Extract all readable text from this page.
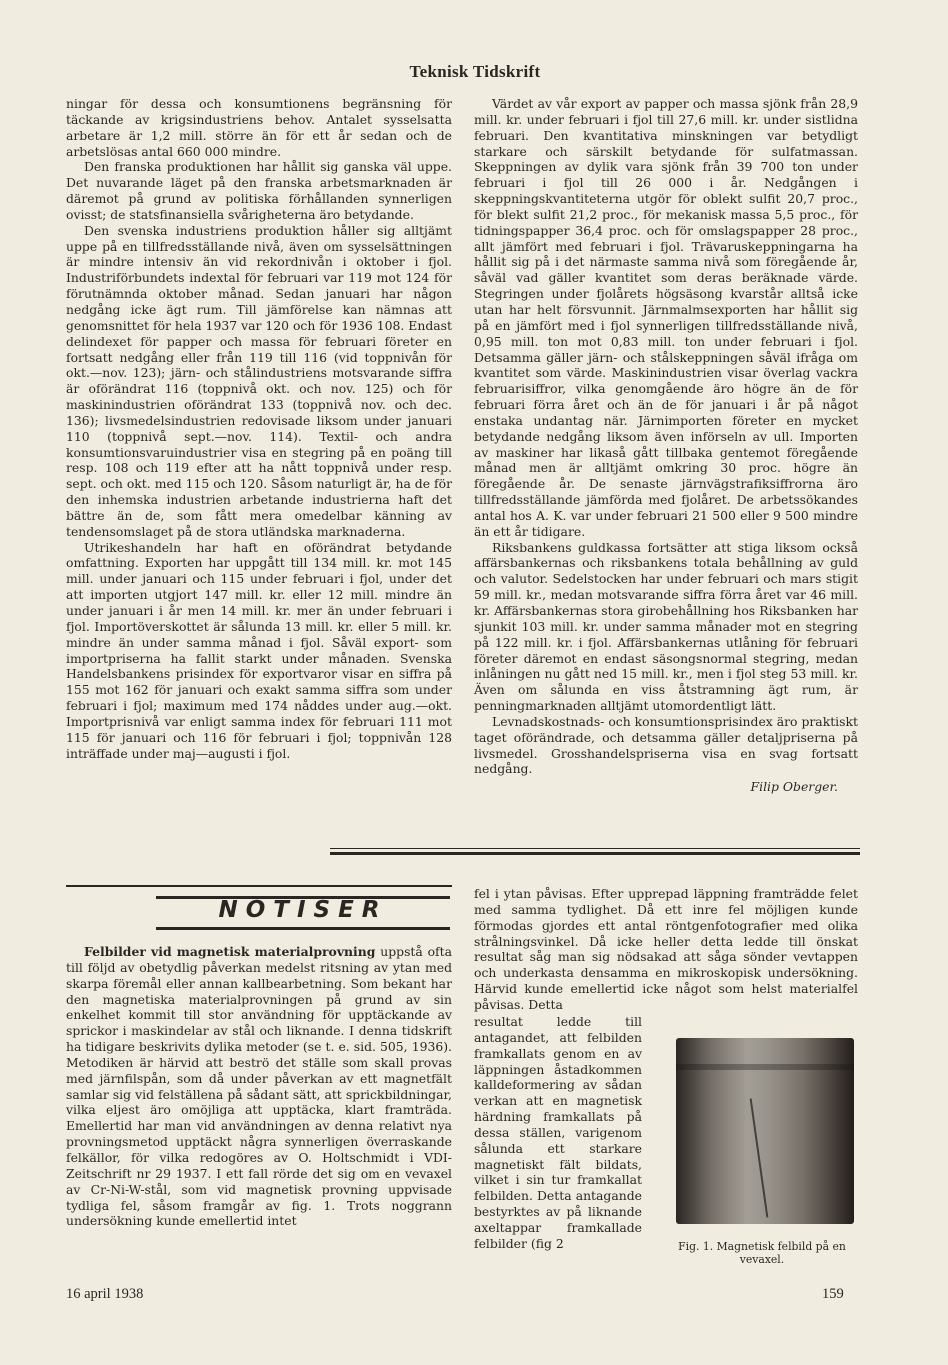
Teknisk Tidskrift

ningar för dessa och konsumtionens begränsning för täckande av krigsindustriens behov. Antalet sysselsatta arbetare är 1,2 mill. större än för ett år sedan och de arbetslösas antal 660 000 mindre.

Den franska produktionen har hållit sig ganska väl uppe. Det nuvarande läget på den franska arbetsmarknaden är däremot på grund av politiska förhållanden synnerligen ovisst; de statsfinansiella svårigheterna äro betydande.

Den svenska industriens produktion håller sig alltjämt uppe på en tillfredsställande nivå, även om sysselsättningen är mindre intensiv än vid rekordnivån i oktober i fjol. Industriförbundets indextal för februari var 119 mot 124 för förutnämnda oktober månad. Sedan januari har någon nedgång icke ägt rum. Till jämförelse kan nämnas att genomsnittet för hela 1937 var 120 och för 1936 108. Endast delindexet för papper och massa för februari företer en fortsatt nedgång eller från 119 till 116 (vid toppnivån för okt.—nov. 123); järn- och stålindustriens motsvarande siffra är oförändrat 116 (toppnivå okt. och nov. 125) och för maskinindustrien oförändrat 133 (toppnivå nov. och dec. 136); livsmedelsindustrien redovisade liksom under januari 110 (toppnivå sept.—nov. 114). Textil- och andra konsumtionsvaruindustrier visa en stegring på en poäng till resp. 108 och 119 efter att ha nått toppnivå under resp. sept. och okt. med 115 och 120. Såsom naturligt är, ha de för den inhemska industrien arbetande industrierna haft det bättre än de, som fått mera omedelbar känning av tendensomslaget på de stora utländska marknaderna.

Utrikeshandeln har haft en oförändrat betydande omfattning. Exporten har uppgått till 134 mill. kr. mot 145 mill. under januari och 115 under februari i fjol, under det att importen utgjort 147 mill. kr. eller 12 mill. mindre än under januari i år men 14 mill. kr. mer än under februari i fjol. Importöverskottet är sålunda 13 mill. kr. eller 5 mill. kr. mindre än under samma månad i fjol. Såväl export- som importpriserna ha fallit starkt under månaden. Svenska Handelsbankens prisindex för exportvaror visar en siffra på 155 mot 162 för januari och exakt samma siffra som under februari i fjol; maximum med 174 nåddes under aug.—okt. Importprisnivå var enligt samma index för februari 111 mot 115 för januari och 116 för februari i fjol; toppnivån 128 inträffade under maj—augusti i fjol.

Värdet av vår export av papper och massa sjönk från 28,9 mill. kr. under februari i fjol till 27,6 mill. kr. under sistlidna februari. Den kvantitativa minskningen var betydligt starkare och särskilt betydande för sulfatmassan. Skeppningen av dylik vara sjönk från 39 700 ton under februari i fjol till 26 000 i år. Nedgången i skeppningskvantiteterna utgör för oblekt sulfit 20,7 proc., för blekt sulfit 21,2 proc., för mekanisk massa 5,5 proc., för tidningspapper 36,4 proc. och för omslagspapper 28 proc., allt jämfört med februari i fjol. Trävaruskeppningarna ha hållit sig på i det närmaste samma nivå som föregående år, såväl vad gäller kvantitet som deras beräknade värde. Stegringen under fjolårets högsäsong kvarstår alltså icke utan har helt försvunnit. Järnmalmsexporten har hållit sig på en jämfört med i fjol synnerligen tillfredsställande nivå, 0,95 mill. ton mot 0,83 mill. ton under februari i fjol. Detsamma gäller järn- och stålskeppningen såväl ifråga om kvantitet som värde. Maskinindustrien visar överlag vackra februarisiffror, vilka genomgående äro högre än de för februari förra året och än de för januari i år på något enstaka undantag när. Järnimporten företer en mycket betydande nedgång liksom även införseln av ull. Importen av maskiner har likaså gått tillbaka gentemot föregående månad men är alltjämt omkring 30 proc. högre än föregående år. De senaste järnvägstrafiksiffrorna äro tillfredsställande jämförda med fjolåret. De arbetssökandes antal hos A. K. var under februari 21 500 eller 9 500 mindre än ett år tidigare.

Riksbankens guldkassa fortsätter att stiga liksom också affärsbankernas och riksbankens totala behållning av guld och valutor. Sedelstocken har under februari och mars stigit 59 mill. kr., medan motsvarande siffra förra året var 46 mill. kr. Affärsbankernas stora girobehållning hos Riksbanken har sjunkit 103 mill. kr. under samma månader mot en stegring på 122 mill. kr. i fjol. Affärsbankernas utlåning för februari företer däremot en endast säsongsnormal stegring, medan inlåningen nu gått ned 15 mill. kr., men i fjol steg 53 mill. kr. Även om sålunda en viss åtstramning ägt rum, är penningmarknaden alltjämt utomordentligt lätt.

Levnadskostnads- och konsumtionsprisindex äro praktiskt taget oförändrade, och detsamma gäller detaljpriserna på livsmedel. Grosshandelspriserna visa en svag fortsatt nedgång.

Filip Oberger.

NOTISER

Felbilder vid magnetisk materialprovning uppstå ofta till följd av obetydlig påverkan medelst ritsning av ytan med skarpa föremål eller annan kallbearbetning. Som bekant har den magnetiska materialprovningen på grund av sin enkelhet kommit till stor användning för upptäckande av sprickor i maskindelar av stål och liknande. I denna tidskrift ha tidigare beskrivits dylika metoder (se t. e. sid. 505, 1936). Metodiken är härvid att beströ det ställe som skall provas med järnfilspån, som då under påverkan av ett magnetfält samlar sig vid felställena på sådant sätt, att sprickbildningar, vilka eljest äro omöjliga att upptäcka, klart framträda. Emellertid har man vid användningen av denna relativt nya provningsmetod upptäckt några synnerligen överraskande felkällor, för vilka redogöres av O. Holtschmidt i VDI-Zeitschrift nr 29 1937. I ett fall rörde det sig om en vevaxel av Cr-Ni-W-stål, som vid magnetisk provning uppvisade tydliga fel, såsom framgår av fig. 1. Trots noggrann undersökning kunde emellertid intet

fel i ytan påvisas. Efter upprepad läppning framträdde felet med samma tydlighet. Då ett inre fel möjligen kunde förmodas gjordes ett antal röntgenfotografier med olika strålningsvinkel. Då icke heller detta ledde till önskat resultat såg man sig nödsakad att såga sönder vevtappen och underkasta densamma en mikroskopisk undersökning. Härvid kunde emellertid icke något som helst materialfel påvisas. Detta

resultat ledde till antagandet, att felbilden framkallats genom en av läppningen åstadkommen kalldeformering av sådan verkan att en magnetisk härdning framkallats på dessa ställen, varigenom sålunda ett starkare magnetiskt fält bildats, vilket i sin tur framkallat felbilden. Detta antagande bestyrktes av på liknande axeltappar framkallade felbilder (fig 2	Fig. 1. Magnetisk felbild på en vevaxel.
16 april 1938	159
